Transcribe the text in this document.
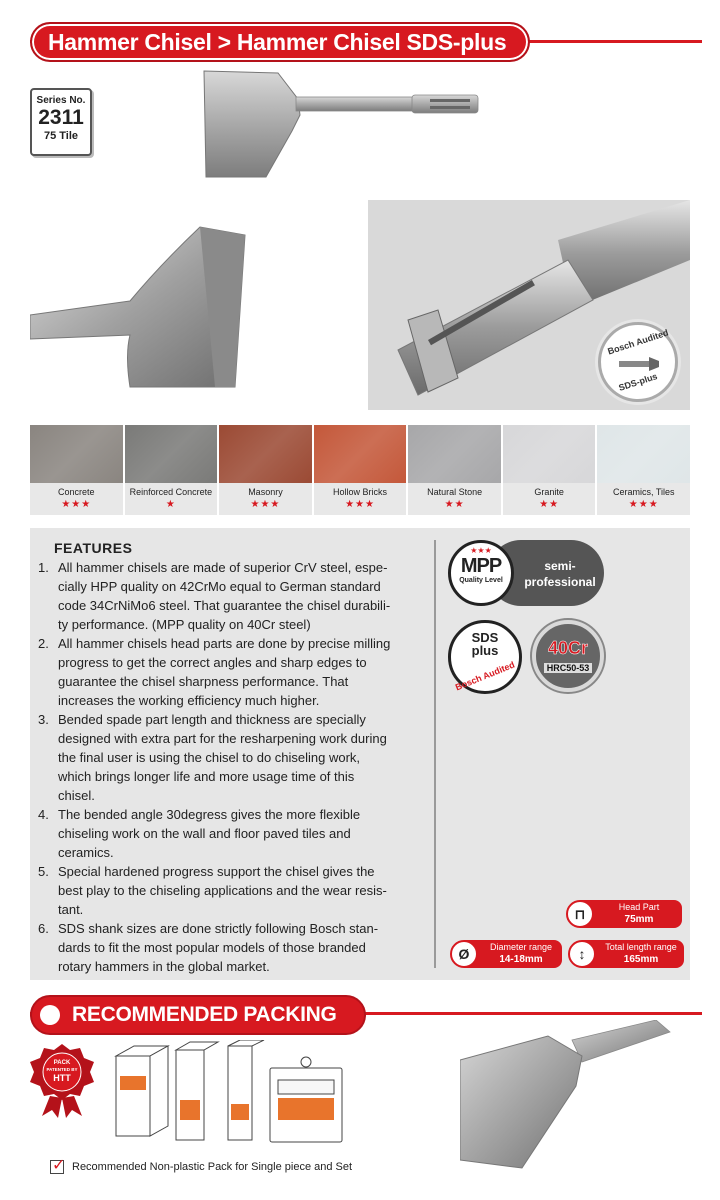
Hammer Chisel > Hammer Chisel SDS-plus
Series No.
2311
75 Tile
Bosch Audited
SDS-plus
Concrete
★★★
Reinforced Concrete
★
Masonry
★★★
Hollow Bricks
★★★
Natural Stone
★★
Granite
★★
Ceramics, Tiles
★★★
FEATURES
1. All hammer chisels are made of superior CrV steel, espe-
cially HPP quality on 42CrMo equal to German standard
code 34CrNiMo6 steel. That guarantee the chisel durabili-
ty performance. (MPP quality on 40Cr steel)
2. All hammer chisels head parts are done by precise milling
progress to get the correct angles and sharp edges to
guarantee the chisel sharpness performance. That
increases the working efficiency much higher.
3. Bended spade part length and thickness are specially
designed with extra part for the resharpening work during
the final user is using the chisel to do chiseling work,
which brings longer life and more usage time of this
chisel.
4. The bended angle 30degress gives the more flexible
chiseling work on the wall and floor paved tiles and
ceramics.
5. Special hardened progress support the chisel gives the
best play to the chiseling applications and the wear resis-
tant.
6. SDS shank sizes are done strictly following Bosch stan-
dards to fit the most popular models of those branded
rotary hammers in the global market.
semi-
professional
★★★
MPP
Quality Level
SDS
plus
Bosch Audited
40Cr
HRC50-53
Head Part
75mm
⊓
Diameter range
14-18mm
Ø	Total length range
165mm
↕
RECOMMENDED PACKING
PACK
PATENTED BY
HTT
✓Recommended Non-plastic Pack for Single piece and Set
